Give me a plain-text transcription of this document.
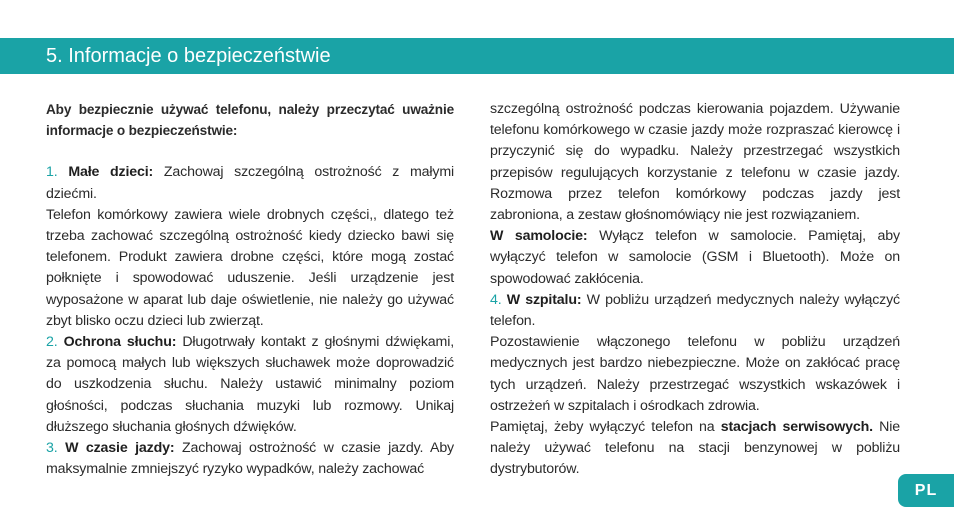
5. Informacje o bezpieczeństwie

Aby bezpiecznie używać telefonu, należy przeczytać uważnie informacje o bezpieczeństwie:

1. Małe dzieci: Zachowaj szczególną ostrożność z małymi dziećmi.

Telefon komórkowy zawiera wiele drobnych części,, dlatego też trzeba zachować szczególną ostrożność kiedy dziecko bawi się telefonem. Produkt zawiera drobne części, które mogą zostać połknięte i spowodować uduszenie. Jeśli urządzenie jest wyposażone w aparat lub daje oświetlenie, nie należy go używać zbyt blisko oczu dzieci lub zwierząt.

2. Ochrona słuchu: Długotrwały kontakt z głośnymi dźwiękami, za pomocą małych lub większych słuchawek może doprowadzić do uszkodzenia słuchu. Należy ustawić minimalny poziom głośności, podczas słuchania muzyki lub rozmowy. Unikaj dłuższego słuchania głośnych dźwięków.

3. W czasie jazdy: Zachowaj ostrożność w czasie jazdy. Aby maksymalnie zmniejszyć ryzyko wypadków, należy zachować

szczególną ostrożność podczas kierowania pojazdem. Używanie telefonu komórkowego w czasie jazdy może rozpraszać kierowcę i przyczynić się do wypadku. Należy przestrzegać wszystkich przepisów regulujących korzystanie z telefonu w czasie jazdy. Rozmowa przez telefon komórkowy podczas jazdy jest zabroniona, a zestaw głośnomówiący nie jest rozwiązaniem.

W samolocie: Wyłącz telefon w samolocie. Pamiętaj, aby wyłączyć telefon w samolocie (GSM i Bluetooth). Może on spowodować zakłócenia.

4. W szpitalu: W pobliżu urządzeń medycznych należy wyłączyć telefon.

Pozostawienie włączonego telefonu w pobliżu urządzeń medycznych jest bardzo niebezpieczne. Może on zakłócać pracę tych urządzeń. Należy przestrzegać wszystkich wskazówek i ostrzeżeń w szpitalach i ośrodkach zdrowia.

Pamiętaj, żeby wyłączyć telefon na stacjach serwisowych. Nie należy używać telefonu na stacji benzynowej w pobliżu dystrybutorów.

PL
